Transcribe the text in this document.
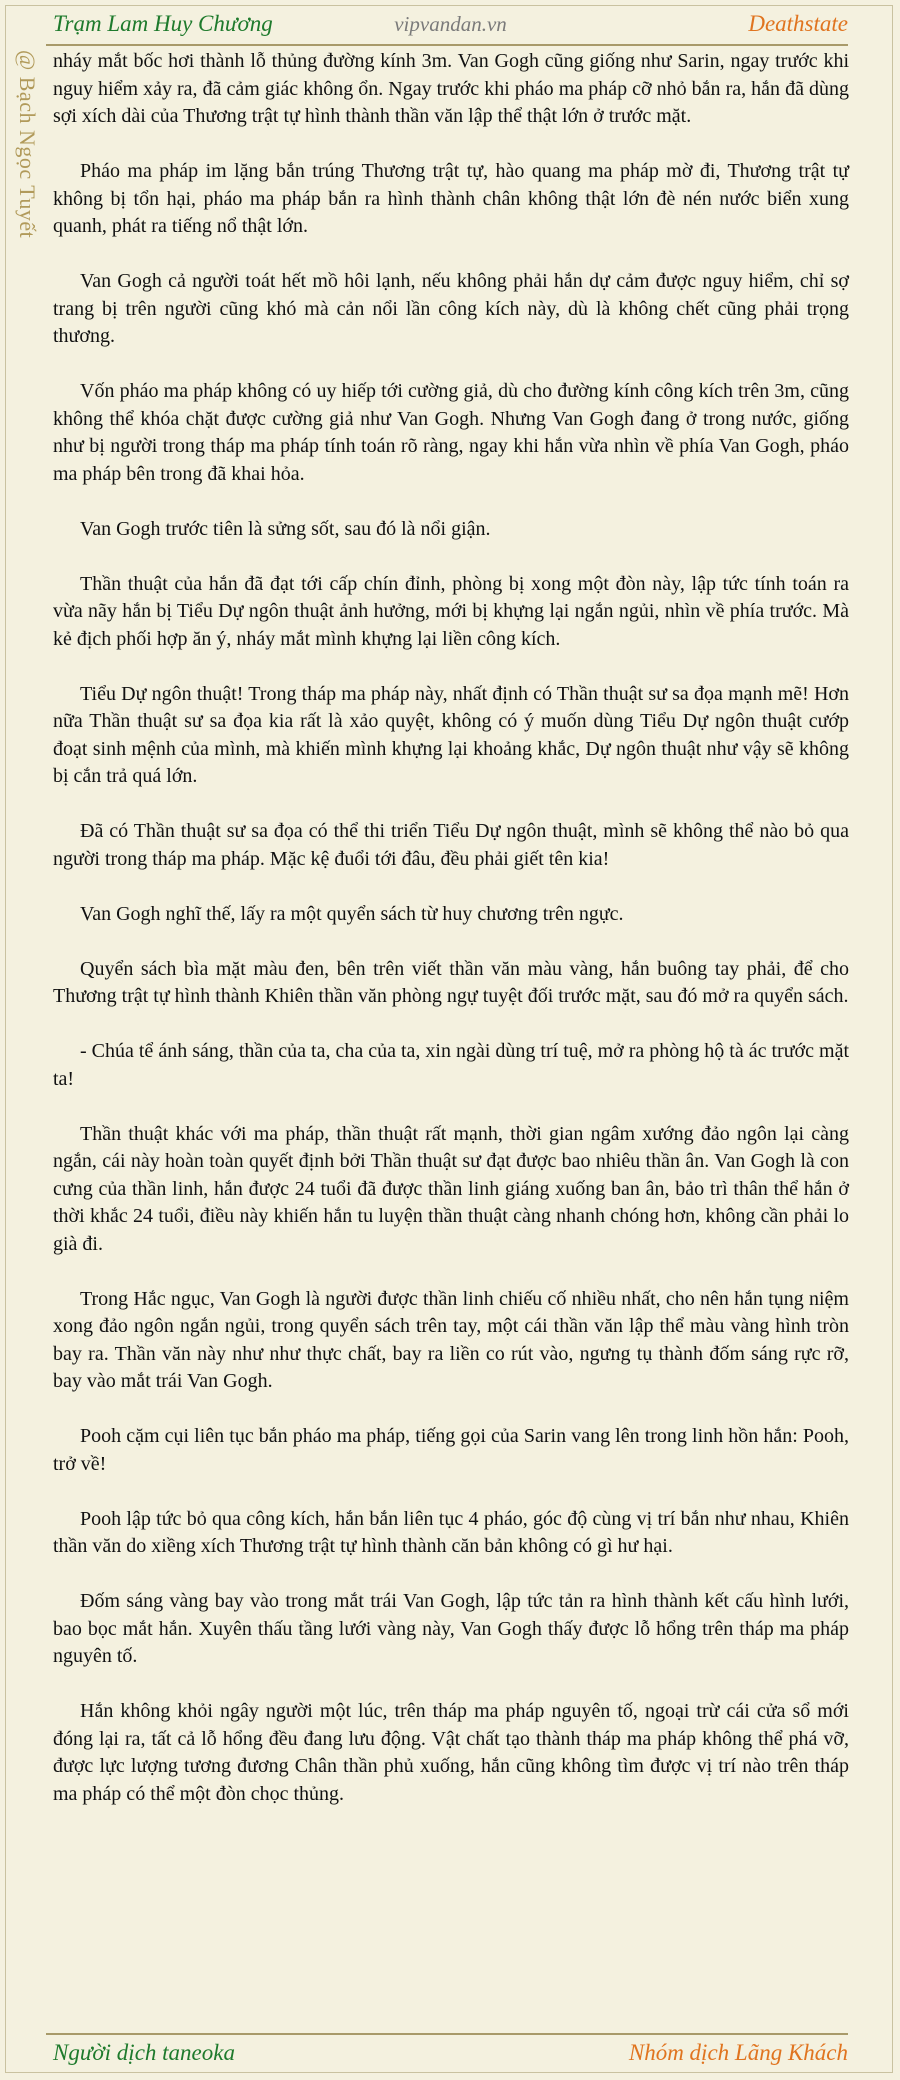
Trạm Lam Huy Chương	vipvandan.vn	Deathstate
@ Bạch Ngọc Tuyết nháy mắt bốc hơi thành lỗ thủng đường kính 3m. Van Gogh cũng giống như Sarin, ngay trước khi nguy hiểm xảy ra, đã cảm giác không ổn. Ngay trước khi pháo ma pháp cỡ nhỏ bắn ra, hắn đã dùng sợi xích dài của Thương trật tự hình thành thần văn lập thể thật lớn ở trước mặt.

Pháo ma pháp im lặng bắn trúng Thương trật tự, hào quang ma pháp mờ đi, Thương trật tự không bị tổn hại, pháo ma pháp bắn ra hình thành chân không thật lớn đè nén nước biển xung quanh, phát ra tiếng nổ thật lớn.

Van Gogh cả người toát hết mồ hôi lạnh, nếu không phải hắn dự cảm được nguy hiểm, chỉ sợ trang bị trên người cũng khó mà cản nổi lần công kích này, dù là không chết cũng phải trọng thương.

Vốn pháo ma pháp không có uy hiếp tới cường giả, dù cho đường kính công kích trên 3m, cũng không thể khóa chặt được cường giả như Van Gogh. Nhưng Van Gogh đang ở trong nước, giống như bị người trong tháp ma pháp tính toán rõ ràng, ngay khi hắn vừa nhìn về phía Van Gogh, pháo ma pháp bên trong đã khai hỏa.

Van Gogh trước tiên là sửng sốt, sau đó là nổi giận.

Thần thuật của hắn đã đạt tới cấp chín đỉnh, phòng bị xong một đòn này, lập tức tính toán ra vừa nãy hắn bị Tiểu Dự ngôn thuật ảnh hưởng, mới bị khựng lại ngắn ngủi, nhìn về phía trước. Mà kẻ địch phối hợp ăn ý, nháy mắt mình khựng lại liền công kích.

Tiểu Dự ngôn thuật! Trong tháp ma pháp này, nhất định có Thần thuật sư sa đọa mạnh mẽ! Hơn nữa Thần thuật sư sa đọa kia rất là xảo quyệt, không có ý muốn dùng Tiểu Dự ngôn thuật cướp đoạt sinh mệnh của mình, mà khiến mình khựng lại khoảng khắc, Dự ngôn thuật như vậy sẽ không bị cắn trả quá lớn.

Đã có Thần thuật sư sa đọa có thể thi triển Tiểu Dự ngôn thuật, mình sẽ không thể nào bỏ qua người trong tháp ma pháp. Mặc kệ đuổi tới đâu, đều phải giết tên kia!

Van Gogh nghĩ thế, lấy ra một quyển sách từ huy chương trên ngực.

Quyển sách bìa mặt màu đen, bên trên viết thần văn màu vàng, hắn buông tay phải, để cho Thương trật tự hình thành Khiên thần văn phòng ngự tuyệt đối trước mặt, sau đó mở ra quyển sách.

- Chúa tể ánh sáng, thần của ta, cha của ta, xin ngài dùng trí tuệ, mở ra phòng hộ tà ác trước mặt ta!

Thần thuật khác với ma pháp, thần thuật rất mạnh, thời gian ngâm xướng đảo ngôn lại càng ngắn, cái này hoàn toàn quyết định bởi Thần thuật sư đạt được bao nhiêu thần ân. Van Gogh là con cưng của thần linh, hắn được 24 tuổi đã được thần linh giáng xuống ban ân, bảo trì thân thể hắn ở thời khắc 24 tuổi, điều này khiến hắn tu luyện thần thuật càng nhanh chóng hơn, không cần phải lo già đi.

Trong Hắc ngục, Van Gogh là người được thần linh chiếu cố nhiều nhất, cho nên hắn tụng niệm xong đảo ngôn ngắn ngủi, trong quyển sách trên tay, một cái thần văn lập thể màu vàng hình tròn bay ra. Thần văn này như như thực chất, bay ra liền co rút vào, ngưng tụ thành đốm sáng rực rỡ, bay vào mắt trái Van Gogh.

Pooh cặm cụi liên tục bắn pháo ma pháp, tiếng gọi của Sarin vang lên trong linh hồn hắn: Pooh, trở về!

Pooh lập tức bỏ qua công kích, hắn bắn liên tục 4 pháo, góc độ cùng vị trí bắn như nhau, Khiên thần văn do xiềng xích Thương trật tự hình thành căn bản không có gì hư hại.

Đốm sáng vàng bay vào trong mắt trái Van Gogh, lập tức tản ra hình thành kết cấu hình lưới, bao bọc mắt hắn. Xuyên thấu tầng lưới vàng này, Van Gogh thấy được lỗ hổng trên tháp ma pháp nguyên tố.

Hắn không khỏi ngây người một lúc, trên tháp ma pháp nguyên tố, ngoại trừ cái cửa sổ mới đóng lại ra, tất cả lỗ hổng đều đang lưu động. Vật chất tạo thành tháp ma pháp không thể phá vỡ, được lực lượng tương đương Chân thần phủ xuống, hắn cũng không tìm được vị trí nào trên tháp ma pháp có thể một đòn chọc thủng.

Người dịch taneoka	Nhóm dịch Lãng Khách
